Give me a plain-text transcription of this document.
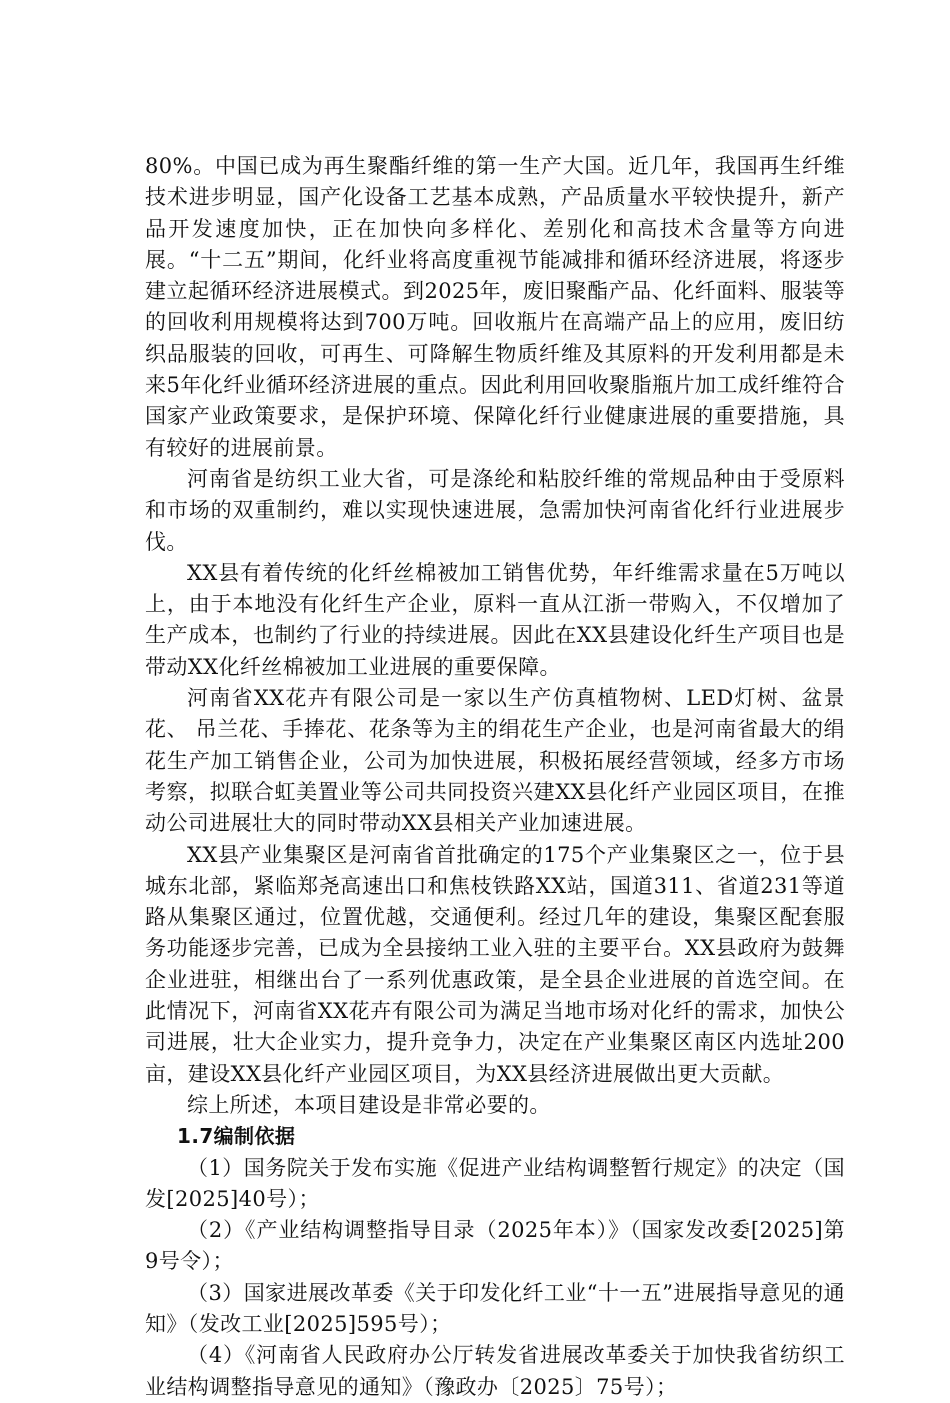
80%。中国已成为再生聚酯纤维的第一生产大国。近几年，我国再生纤维技术进步明显，国产化设备工艺基本成熟，产品质量水平较快提升，新产品开发速度加快，正在加快向多样化、差别化和高技术含量等方向进展。“十二五”期间，化纤业将高度重视节能减排和循环经济进展，将逐步建立起循环经济进展模式。到2025年，废旧聚酯产品、化纤面料、服装等的回收利用规模将达到700万吨。回收瓶片在高端产品上的应用，废旧纺织品服装的回收，可再生、可降解生物质纤维及其原料的开发利用都是未来5年化纤业循环经济进展的重点。因此利用回收聚脂瓶片加工成纤维符合国家产业政策要求，是保护环境、保障化纤行业健康进展的重要措施，具有较好的进展前景。

河南省是纺织工业大省，可是涤纶和粘胶纤维的常规品种由于受原料和市场的双重制约，难以实现快速进展，急需加快河南省化纤行业进展步伐。

XX县有着传统的化纤丝棉被加工销售优势，年纤维需求量在5万吨以上，由于本地没有化纤生产企业，原料一直从江浙一带购入，不仅增加了生产成本，也制约了行业的持续进展。因此在XX县建设化纤生产项目也是带动XX化纤丝棉被加工业进展的重要保障。

河南省XX花卉有限公司是一家以生产仿真植物树、LED灯树、盆景花、 吊兰花、手捧花、花条等为主的绢花生产企业，也是河南省最大的绢花生产加工销售企业，公司为加快进展，积极拓展经营领域，经多方市场考察，拟联合虹美置业等公司共同投资兴建XX县化纤产业园区项目，在推动公司进展壮大的同时带动XX县相关产业加速进展。

XX县产业集聚区是河南省首批确定的175个产业集聚区之一，位于县城东北部，紧临郑尧高速出口和焦枝铁路XX站，国道311、省道231等道路从集聚区通过，位置优越，交通便利。经过几年的建设，集聚区配套服务功能逐步完善，已成为全县接纳工业入驻的主要平台。XX县政府为鼓舞企业进驻，相继出台了一系列优惠政策，是全县企业进展的首选空间。在此情况下，河南省XX花卉有限公司为满足当地市场对化纤的需求，加快公司进展，壮大企业实力，提升竞争力，决定在产业集聚区南区内选址200亩，建设XX县化纤产业园区项目，为XX县经济进展做出更大贡献。

综上所述，本项目建设是非常必要的。

1.7编制依据

（1）国务院关于发布实施《促进产业结构调整暂行规定》的决定（国发[2025]40号）；

（2）《产业结构调整指导目录（2025年本）》（国家发改委[2025]第9号令）；

（3）国家进展改革委《关于印发化纤工业“十一五”进展指导意见的通知》（发改工业[2025]595号）；

（4）《河南省人民政府办公厅转发省进展改革委关于加快我省纺织工业结构调整指导意见的通知》（豫政办〔2025〕75号）；
